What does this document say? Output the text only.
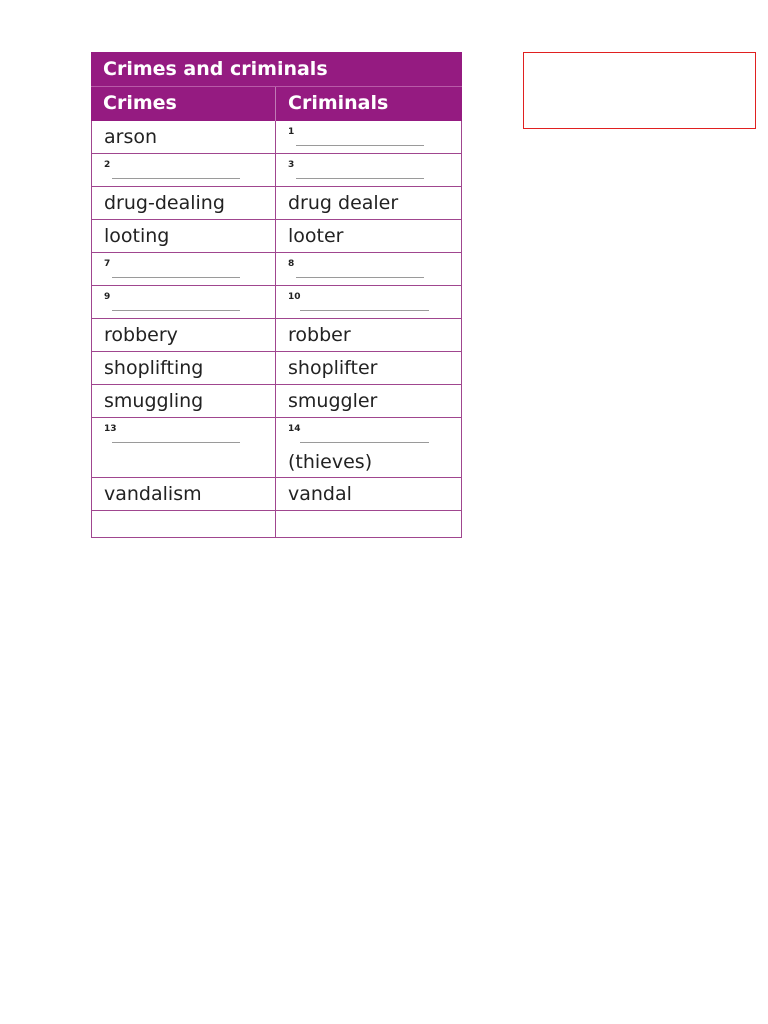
Crimes and criminals
Crimes	Criminals
arson	1
2	3
drug-dealing	drug dealer
looting	looter
7	8
9	10
robbery	robber
shoplifting	shoplifter
smuggling	smuggler
13	14
(thieves)
vandalism	vandal
